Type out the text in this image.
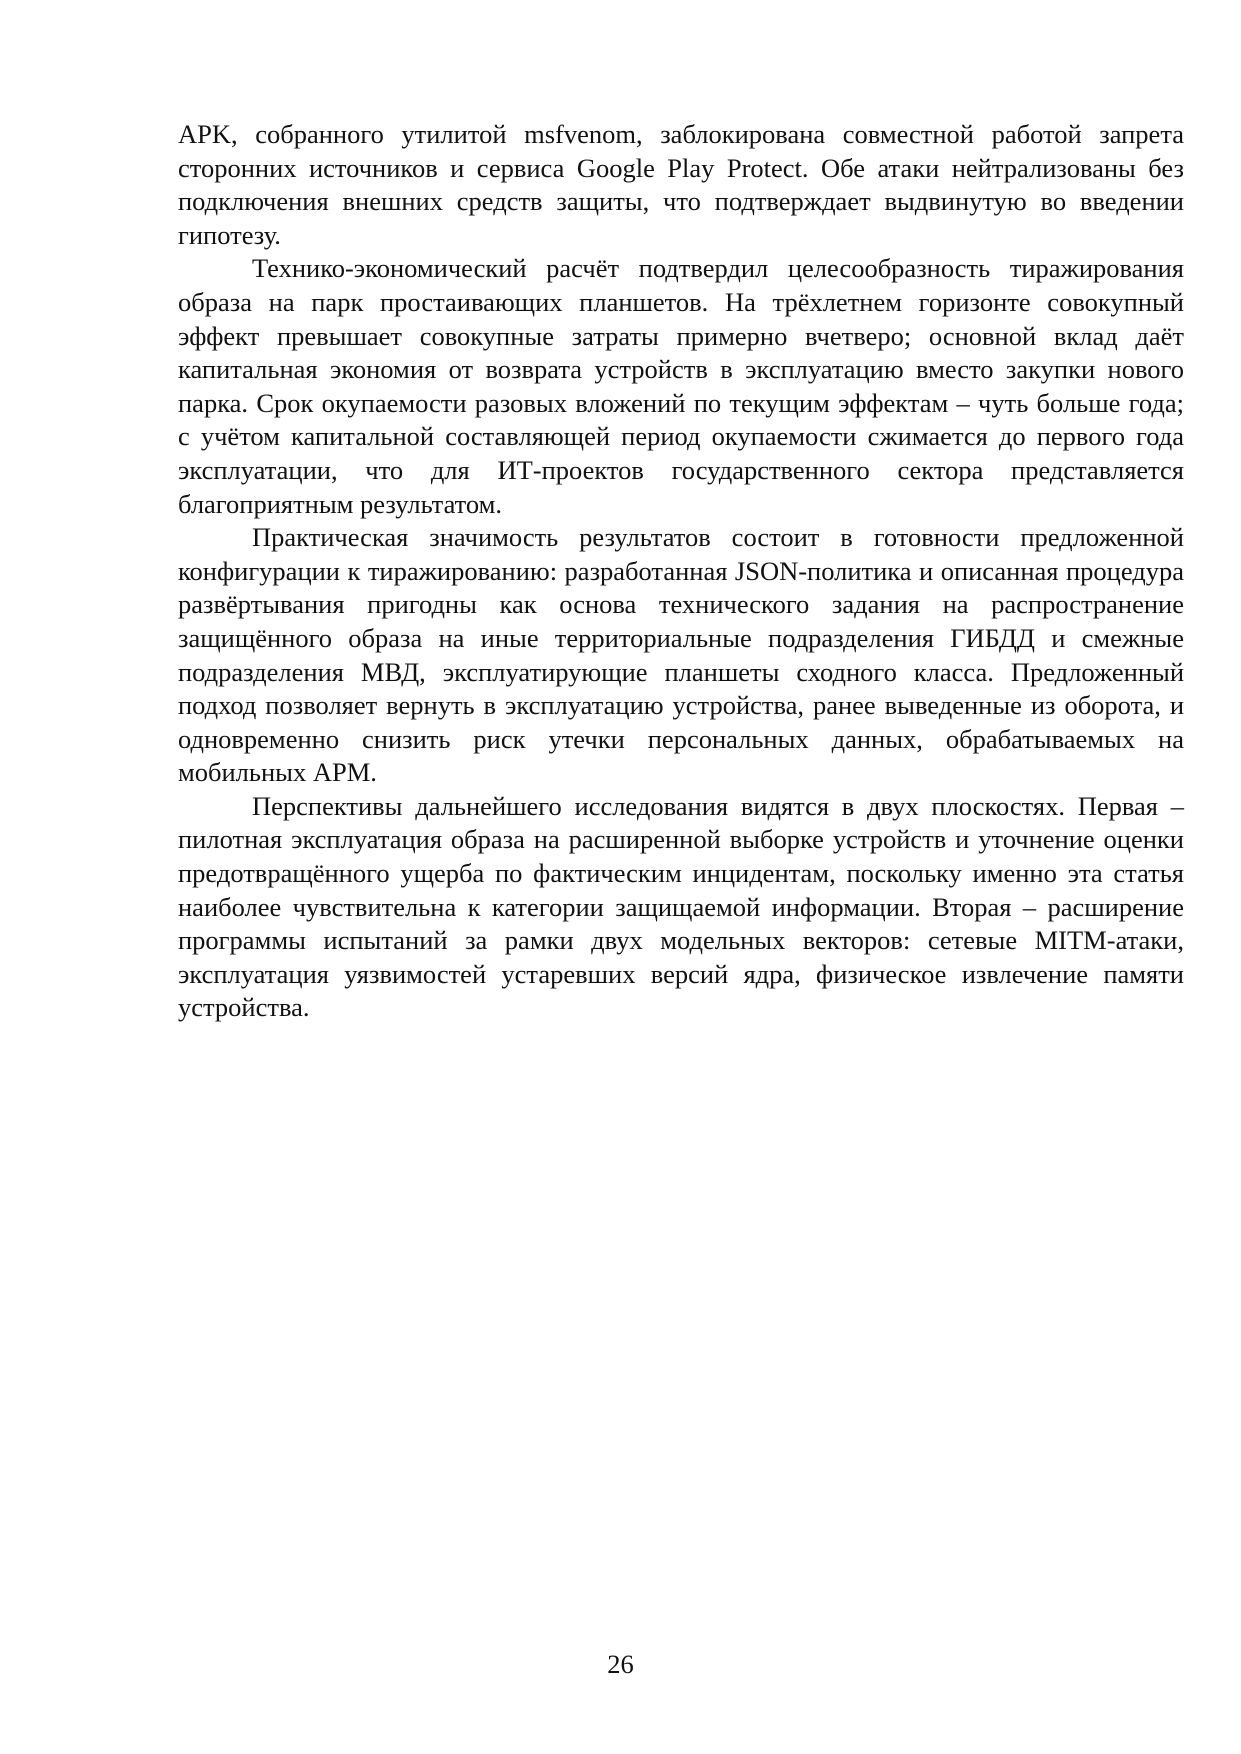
APK, собранного утилитой msfvenom, заблокирована совместной работой запрета сторонних источников и сервиса Google Play Protect. Обе атаки нейтрализованы без подключения внешних средств защиты, что подтверждает выдвинутую во введении гипотезу.

Технико-экономический расчёт подтвердил целесообразность тиражирования образа на парк простаивающих планшетов. На трёхлетнем горизонте совокупный эффект превышает совокупные затраты примерно вчетверо; основной вклад даёт капитальная экономия от возврата устройств в эксплуатацию вместо закупки нового парка. Срок окупаемости разовых вложений по текущим эффектам – чуть больше года; с учётом капитальной составляющей период окупаемости сжимается до первого года эксплуатации, что для ИТ-проектов государственного сектора представляется благоприятным результатом.

Практическая значимость результатов состоит в готовности предложенной конфигурации к тиражированию: разработанная JSON-политика и описанная процедура развёртывания пригодны как основа технического задания на распространение защищённого образа на иные территориальные подразделения ГИБДД и смежные подразделения МВД, эксплуатирующие планшеты сходного класса. Предложенный подход позволяет вернуть в эксплуатацию устройства, ранее выведенные из оборота, и одновременно снизить риск утечки персональных данных, обрабатываемых на мобильных АРМ.

Перспективы дальнейшего исследования видятся в двух плоскостях. Первая – пилотная эксплуатация образа на расширенной выборке устройств и уточнение оценки предотвращённого ущерба по фактическим инцидентам, поскольку именно эта статья наиболее чувствительна к категории защищаемой информации. Вторая – расширение программы испытаний за рамки двух модельных векторов: сетевые MITM-атаки, эксплуатация уязвимостей устаревших версий ядра, физическое извлечение памяти устройства.

26
